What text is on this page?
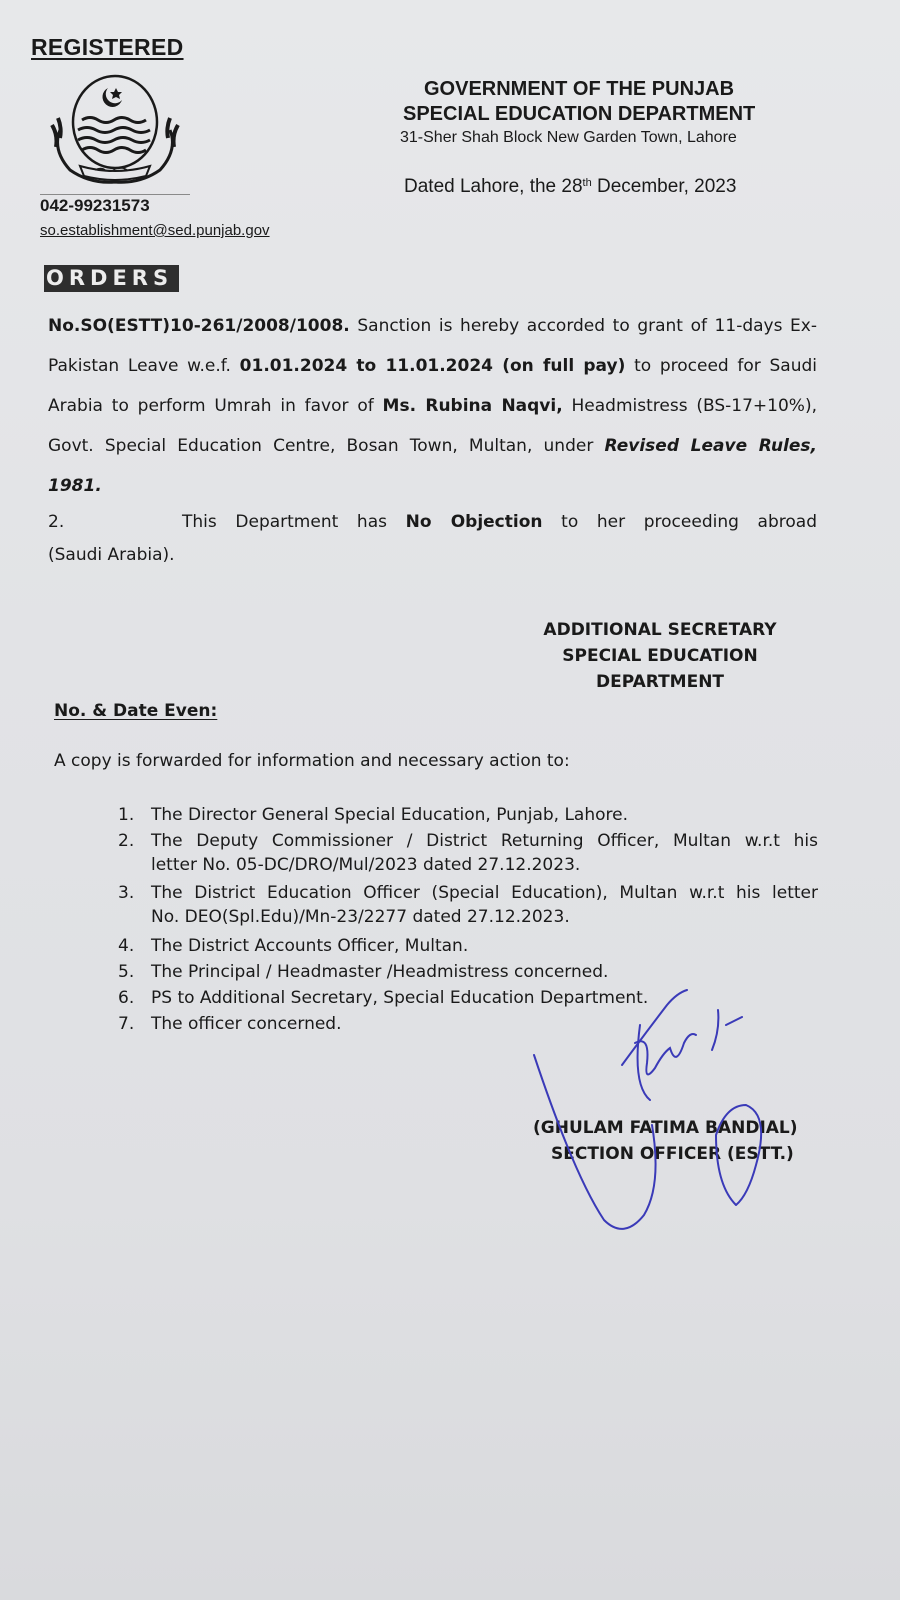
REGISTERED
042-99231573
so.establishment@sed.punjab.gov
GOVERNMENT OF THE PUNJAB
SPECIAL EDUCATION DEPARTMENT
31-Sher Shah Block New Garden Town, Lahore
Dated Lahore, the 28th December, 2023
ORDERS
No.SO(ESTT)10-261/2008/1008. Sanction is hereby accorded to grant of 11-days Ex-Pakistan Leave w.e.f. 01.01.2024 to 11.01.2024 (on full pay) to proceed for Saudi Arabia to perform Umrah in favor of Ms. Rubina Naqvi, Headmistress (BS-17+10%), Govt. Special Education Centre, Bosan Town, Multan, under Revised Leave Rules, 1981.
2.	This Department has No Objection to her proceeding abroad
(Saudi Arabia).
ADDITIONAL SECRETARY
SPECIAL EDUCATION
DEPARTMENT
No. & Date Even:
A copy is forwarded for information and necessary action to:
1. The Director General Special Education, Punjab, Lahore.
2. The Deputy Commissioner / District Returning Officer, Multan w.r.t his
letter No. 05-DC/DRO/Mul/2023 dated 27.12.2023.
3. The District Education Officer (Special Education), Multan w.r.t his letter
No. DEO(Spl.Edu)/Mn-23/2277 dated 27.12.2023.
4. The District Accounts Officer, Multan.
5. The Principal / Headmaster /Headmistress concerned.
6. PS to Additional Secretary, Special Education Department.
7. The officer concerned.
(GHULAM FATIMA BANDIAL)
SECTION OFFICER (ESTT.)
